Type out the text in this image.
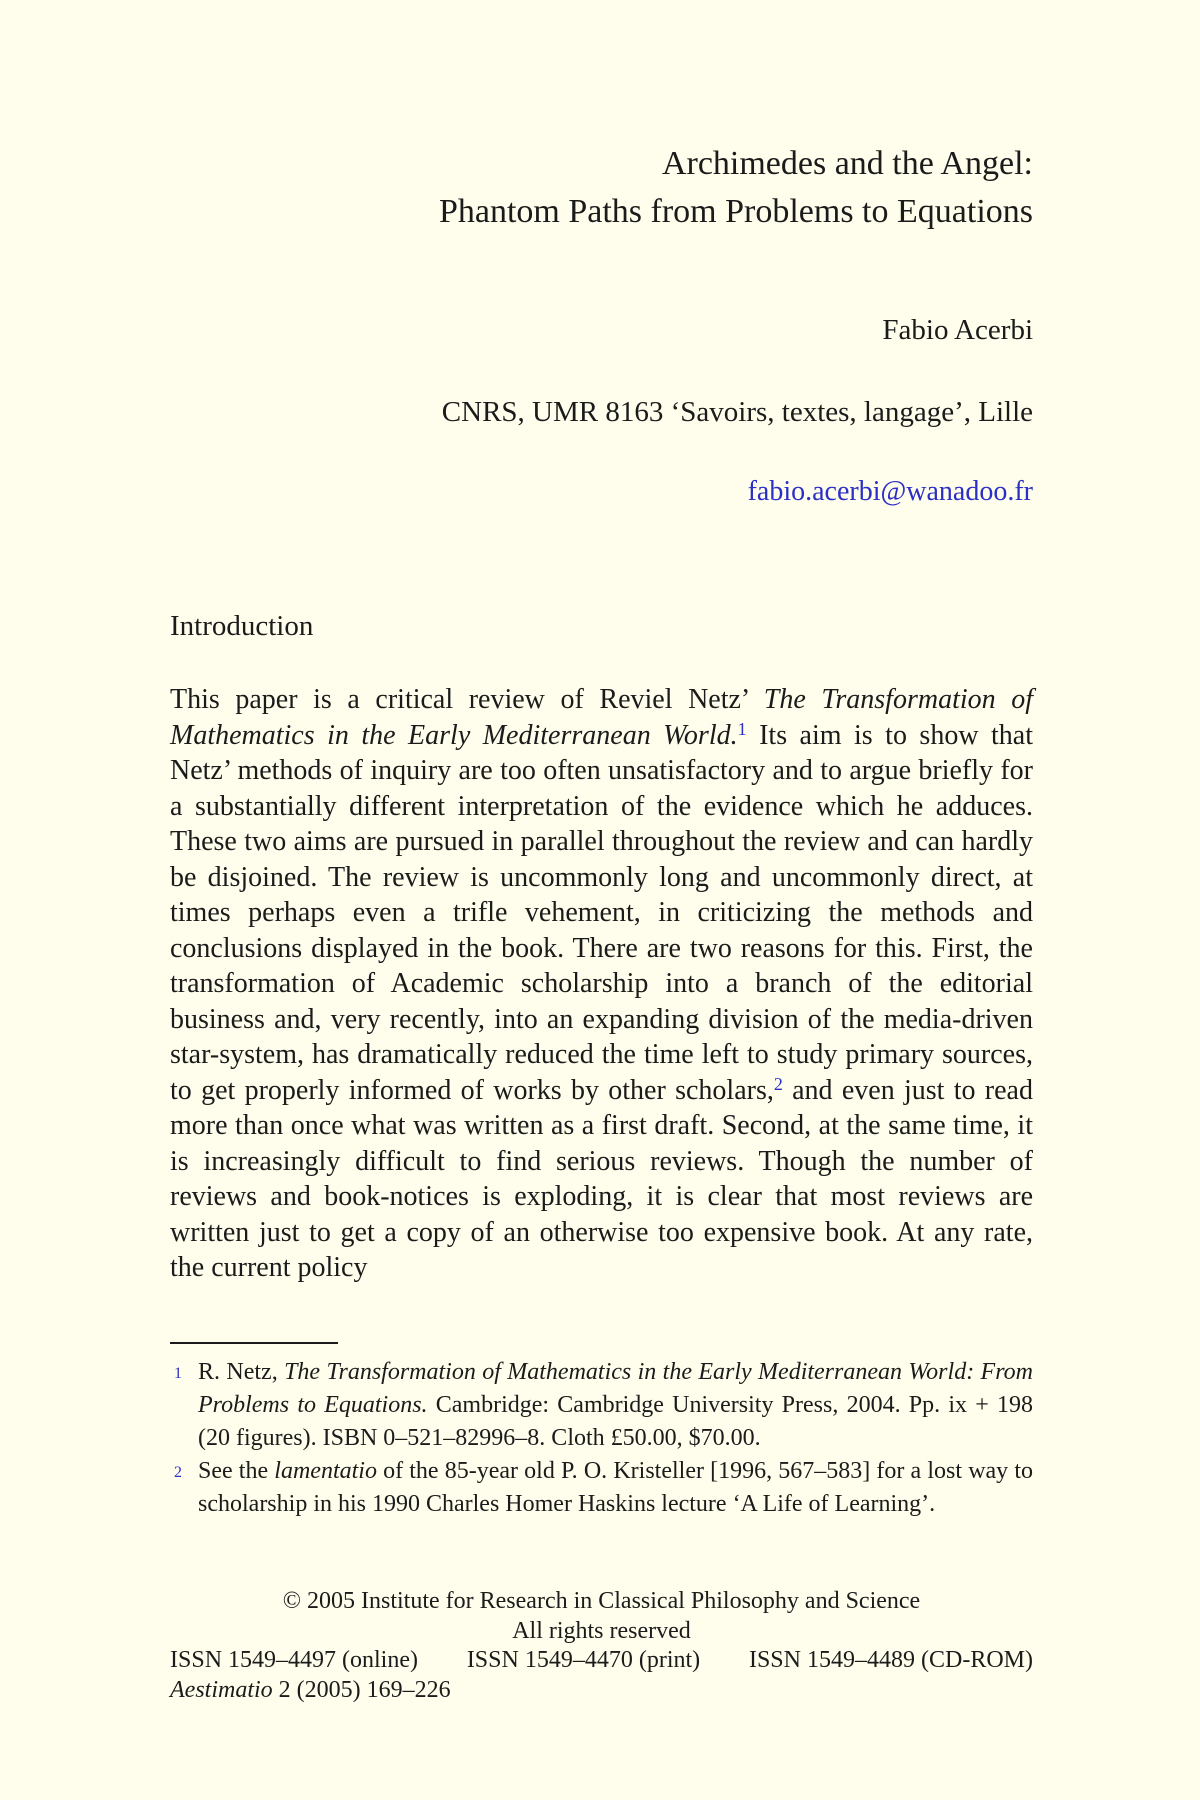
Archimedes and the Angel:
Phantom Paths from Problems to Equations
Fabio Acerbi
CNRS, UMR 8163 ‘Savoirs, textes, langage’, Lille
fabio.acerbi@wanadoo.fr
Introduction

This paper is a critical review of Reviel Netz’ The Transformation of Mathematics in the Early Mediterranean World.$^1$ Its aim is to show that Netz’ methods of inquiry are too often unsatisfactory and to argue briefly for a substantially different interpretation of the evidence which he adduces. These two aims are pursued in parallel throughout the review and can hardly be disjoined. The review is uncommonly long and uncommonly direct, at times perhaps even a trifle vehement, in criticizing the methods and conclusions displayed in the book. There are two reasons for this. First, the transformation of Academic scholarship into a branch of the editorial business and, very recently, into an expanding division of the media-driven star-system, has dramatically reduced the time left to study primary sources, to get properly informed of works by other scholars,$^2$ and even just to read more than once what was written as a first draft. Second, at the same time, it is increasingly difficult to find serious reviews. Though the number of reviews and book-notices is exploding, it is clear that most reviews are written just to get a copy of an otherwise too expensive book. At any rate, the current policy

1 R. Netz, The Transformation of Mathematics in the Early Mediterranean World: From Problems to Equations. Cambridge: Cambridge University Press, 2004. Pp. ix + 198 (20 figures). ISBN 0–521–82996–8. Cloth £50.00, $70.00.
2 See the lamentatio of the 85-year old P. O. Kristeller [1996, 567–583] for a lost way to scholarship in his 1990 Charles Homer Haskins lecture ‘A Life of Learning’.
© 2005 Institute for Research in Classical Philosophy and Science
All rights reserved
ISSN 1549–4497 (online) ISSN 1549–4470 (print) ISSN 1549–4489 (CD-ROM)
Aestimatio 2 (2005) 169–226
